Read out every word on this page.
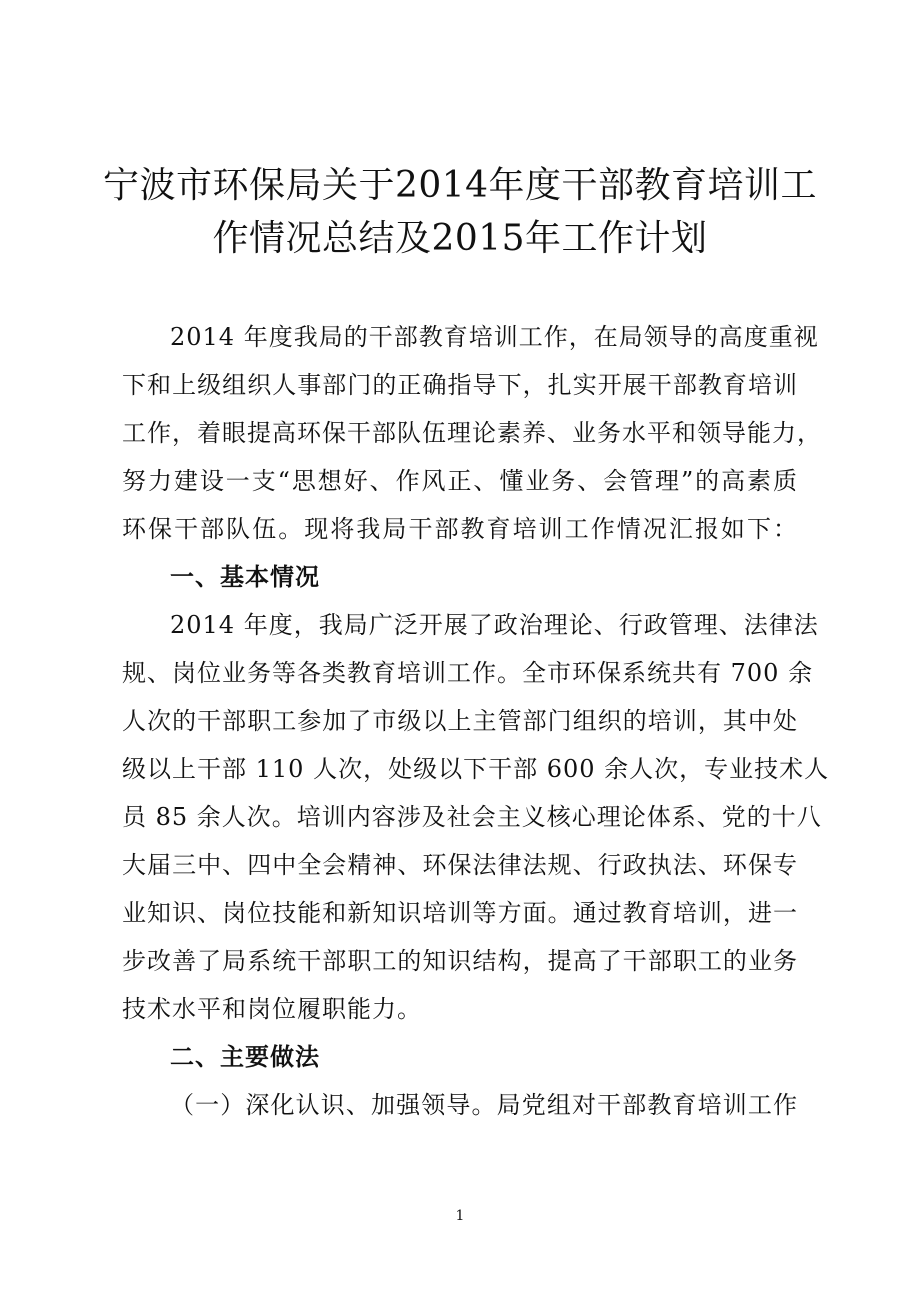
宁波市环保局关于2014年度干部教育培训工
作情况总结及2015年工作计划
2014 年度我局的干部教育培训工作，在局领导的高度重视
下和上级组织人事部门的正确指导下，扎实开展干部教育培训
工作，着眼提高环保干部队伍理论素养、业务水平和领导能力，
努力建设一支“思想好、作风正、懂业务、会管理”的高素质
环保干部队伍。现将我局干部教育培训工作情况汇报如下：
一、基本情况
2014 年度，我局广泛开展了政治理论、行政管理、法律法
规、岗位业务等各类教育培训工作。全市环保系统共有 700 余
人次的干部职工参加了市级以上主管部门组织的培训，其中处
级以上干部 110 人次，处级以下干部 600 余人次，专业技术人
员 85 余人次。培训内容涉及社会主义核心理论体系、党的十八
大届三中、四中全会精神、环保法律法规、行政执法、环保专
业知识、岗位技能和新知识培训等方面。通过教育培训，进一
步改善了局系统干部职工的知识结构，提高了干部职工的业务
技术水平和岗位履职能力。
二、主要做法
（一）深化认识、加强领导。局党组对干部教育培训工作
1
